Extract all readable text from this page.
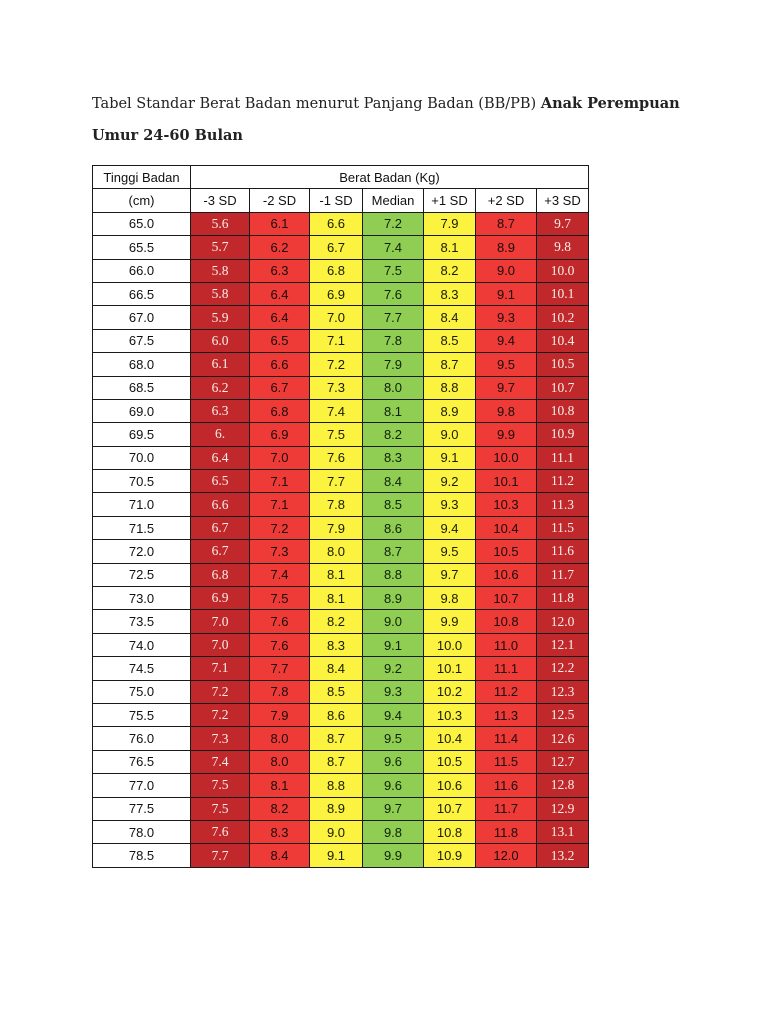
Tabel Standar Berat Badan menurut Panjang Badan (BB/PB) Anak Perempuan Umur 24-60 Bulan
Tinggi Badan	Berat Badan (Kg)						
(cm)	-3 SD	-2 SD	-1 SD	Median	+1 SD	+2 SD	+3 SD
65.0	5.6	6.1	6.6	7.2	7.9	8.7	9.7
65.5	5.7	6.2	6.7	7.4	8.1	8.9	9.8
66.0	5.8	6.3	6.8	7.5	8.2	9.0	10.0
66.5	5.8	6.4	6.9	7.6	8.3	9.1	10.1
67.0	5.9	6.4	7.0	7.7	8.4	9.3	10.2
67.5	6.0	6.5	7.1	7.8	8.5	9.4	10.4
68.0	6.1	6.6	7.2	7.9	8.7	9.5	10.5
68.5	6.2	6.7	7.3	8.0	8.8	9.7	10.7
69.0	6.3	6.8	7.4	8.1	8.9	9.8	10.8
69.5	6.	6.9	7.5	8.2	9.0	9.9	10.9
70.0	6.4	7.0	7.6	8.3	9.1	10.0	11.1
70.5	6.5	7.1	7.7	8.4	9.2	10.1	11.2
71.0	6.6	7.1	7.8	8.5	9.3	10.3	11.3
71.5	6.7	7.2	7.9	8.6	9.4	10.4	11.5
72.0	6.7	7.3	8.0	8.7	9.5	10.5	11.6
72.5	6.8	7.4	8.1	8.8	9.7	10.6	11.7
73.0	6.9	7.5	8.1	8.9	9.8	10.7	11.8
73.5	7.0	7.6	8.2	9.0	9.9	10.8	12.0
74.0	7.0	7.6	8.3	9.1	10.0	11.0	12.1
74.5	7.1	7.7	8.4	9.2	10.1	11.1	12.2
75.0	7.2	7.8	8.5	9.3	10.2	11.2	12.3
75.5	7.2	7.9	8.6	9.4	10.3	11.3	12.5
76.0	7.3	8.0	8.7	9.5	10.4	11.4	12.6
76.5	7.4	8.0	8.7	9.6	10.5	11.5	12.7
77.0	7.5	8.1	8.8	9.6	10.6	11.6	12.8
77.5	7.5	8.2	8.9	9.7	10.7	11.7	12.9
78.0	7.6	8.3	9.0	9.8	10.8	11.8	13.1
78.5	7.7	8.4	9.1	9.9	10.9	12.0	13.2
